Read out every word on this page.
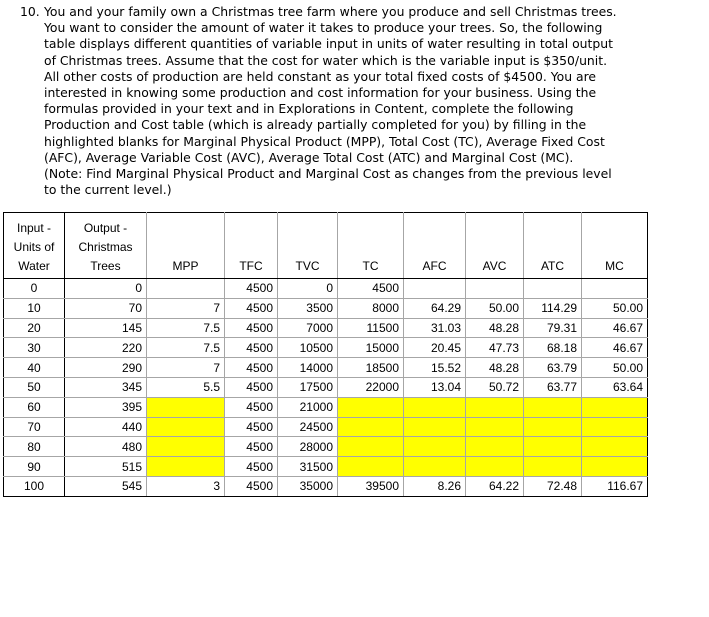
10. You and your family own a Christmas tree farm where you produce and sell Christmas trees.
You want to consider the amount of water it takes to produce your trees. So, the following
table displays different quantities of variable input in units of water resulting in total output
of Christmas trees. Assume that the cost for water which is the variable input is $350/unit.
All other costs of production are held constant as your total fixed costs of $4500. You are
interested in knowing some production and cost information for your business. Using the
formulas provided in your text and in Explorations in Content, complete the following
Production and Cost table (which is already partially completed for you) by filling in the
highlighted blanks for Marginal Physical Product (MPP), Total Cost (TC), Average Fixed Cost
(AFC), Average Variable Cost (AVC), Average Total Cost (ATC) and Marginal Cost (MC).
(Note: Find Marginal Physical Product and Marginal Cost as changes from the previous level
to the current level.)
Input -
Units of
Water	Output -
Christmas
Trees	MPP	TFC	TVC	TC	AFC	AVC	ATC	MC
0	0		4500	0	4500				
10	70	7	4500	3500	8000	64.29	50.00	114.29	50.00
20	145	7.5	4500	7000	11500	31.03	48.28	79.31	46.67
30	220	7.5	4500	10500	15000	20.45	47.73	68.18	46.67
40	290	7	4500	14000	18500	15.52	48.28	63.79	50.00
50	345	5.5	4500	17500	22000	13.04	50.72	63.77	63.64
60	395		4500	21000					
70	440		4500	24500					
80	480		4500	28000					
90	515		4500	31500					
100	545	3	4500	35000	39500	8.26	64.22	72.48	116.67
